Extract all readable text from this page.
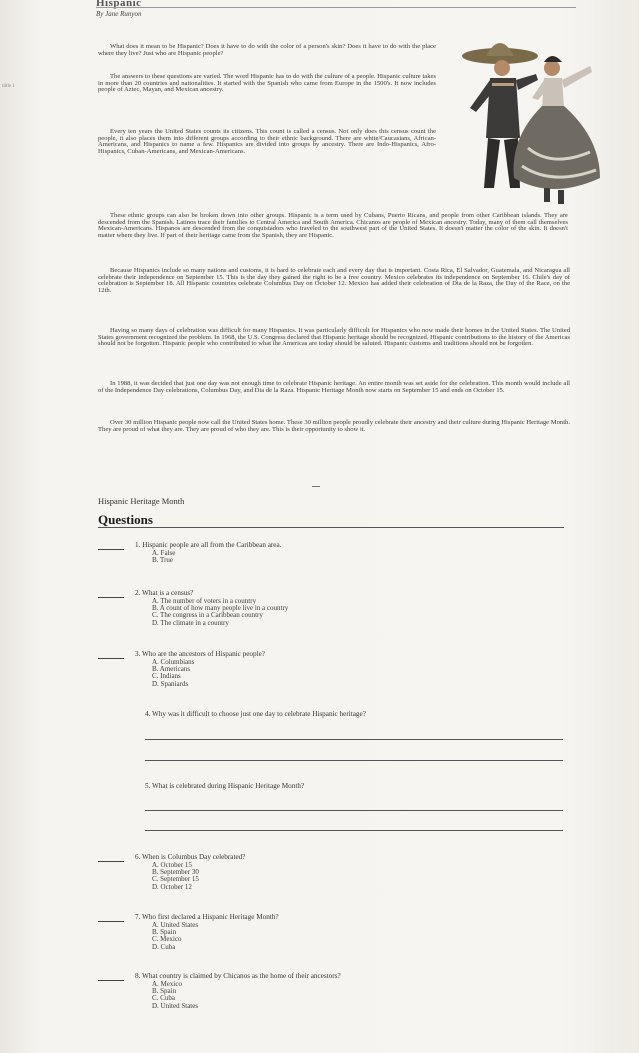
Hispanic
By Jane Runyon
tiitle 1

What does it mean to be Hispanic? Does it have to do with the color of a person's skin? Does it have to do with the place where they live? Just who are Hispanic people?

The answers to these questions are varied. The word Hispanic has to do with the culture of a people. Hispanic culture takes in more than 20 countries and nationalities. It started with the Spanish who came from Europe in the 1500's. It now includes people of Aztec, Mayan, and Mexican ancestry.

Every ten years the United States counts its citizens. This count is called a census. Not only does this census count the people, it also places them into different groups according to their ethnic background. There are white/Caucasians, African-Americans, and Hispanics to name a few. Hispanics are divided into groups by ancestry. There are Indo-Hispanics, Afro-Hispanics, Cuban-Americans, and Mexican-Americans.

These ethnic groups can also be broken down into other groups. Hispanic is a term used by Cubans, Puerto Ricans, and people from other Caribbean islands. They are descended from the Spanish. Latinos trace their families to Central America and South America. Chicanos are people of Mexican ancestry. Today, many of them call themselves Mexican-Americans. Hispanos are descended from the conquistadors who traveled to the southwest part of the United States. It doesn't matter the color of the skin. It doesn't matter where they live. If part of their heritage came from the Spanish, they are Hispanic.

Because Hispanics include so many nations and customs, it is hard to celebrate each and every day that is important. Costa Rica, El Salvador, Guatemala, and Nicaragua all celebrate their independence on September 15. This is the day they gained the right to be a free country. Mexico celebrates its independence on September 16. Chile's day of celebration is September 18. All Hispanic countries celebrate Columbus Day on October 12. Mexico has added their celebration of Dia de la Raza, the Day of the Race, on the 12th.

Having so many days of celebration was difficult for many Hispanics. It was particularly difficult for Hispanics who now made their homes in the United States. The United States government recognized the problem. In 1968, the U.S. Congress declared that Hispanic heritage should be recognized. Hispanic contributions to the history of the Americas should not be forgotten. Hispanic people who contributed to what the Americas are today should be saluted. Hispanic customs and traditions should not be forgotten.

In 1988, it was decided that just one day was not enough time to celebrate Hispanic heritage. An entire month was set aside for the celebration. This month would include all of the Independence Day celebrations, Columbus Day, and Dia de la Raza. Hispanic Heritage Month now starts on September 15 and ends on October 15.

Over 30 million Hispanic people now call the United States home. These 30 million people proudly celebrate their ancestry and their culture during Hispanic Heritage Month. They are proud of what they are. They are proud of who they are. This is their opportunity to show it.

Hispanic Heritage Month
Questions
1. Hispanic people are all from the Caribbean area.
A. False
B. True
2. What is a census?
A. The number of voters in a country
B. A count of how many people live in a country
C. The congress in a Caribbean country
D. The climate in a country
3. Who are the ancestors of Hispanic people?
A. Columbians
B. Americans
C. Indians
D. Spaniards
4. Why was it difficult to choose just one day to celebrate Hispanic heritage?
5. What is celebrated during Hispanic Heritage Month?
6. When is Columbus Day celebrated?
A. October 15
B. September 30
C. September 15
D. October 12
7. Who first declared a Hispanic Heritage Month?
A. United States
B. Spain
C. Mexico
D. Cuba
8. What country is claimed by Chicanos as the home of their ancestors?
A. Mexico
B. Spain
C. Cuba
D. United States
